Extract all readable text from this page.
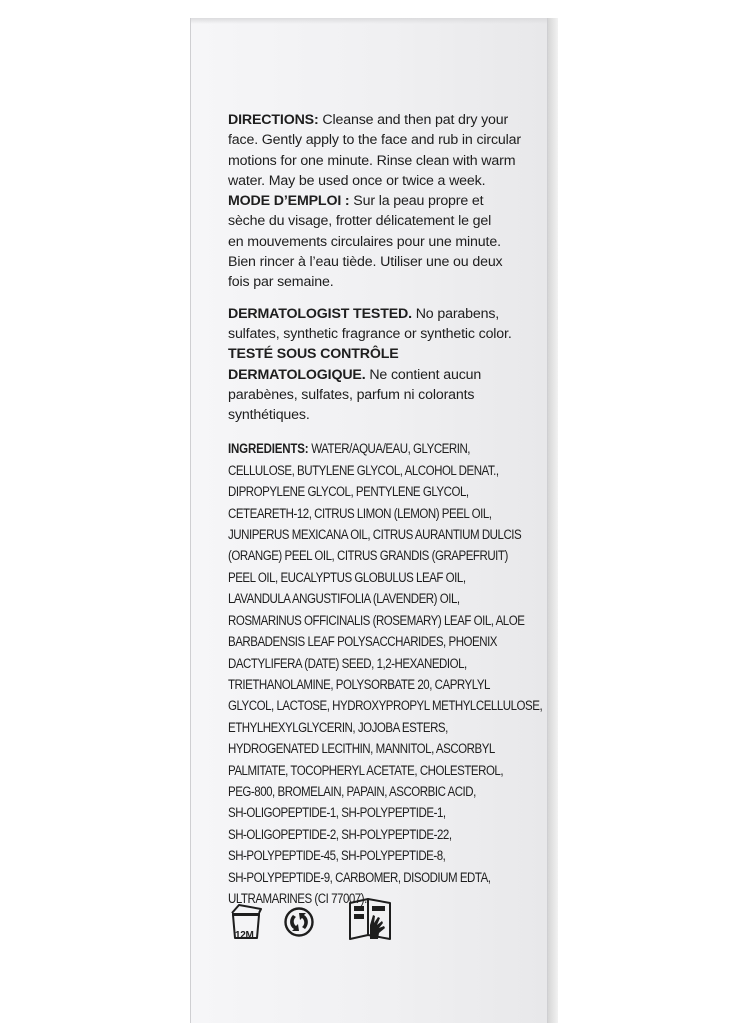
DIRECTIONS: Cleanse and then pat dry your
face. Gently apply to the face and rub in circular
motions for one minute. Rinse clean with warm
water. May be used once or twice a week.

MODE D’EMPLOI : Sur la peau propre et
sèche du visage, frotter délicatement le gel
en mouvements circulaires pour une minute.
Bien rincer à l’eau tiède. Utiliser une ou deux
fois par semaine.

DERMATOLOGIST TESTED. No parabens,
sulfates, synthetic fragrance or synthetic color.

TESTÉ SOUS CONTRÔLE
DERMATOLOGIQUE. Ne contient aucun
parabènes, sulfates, parfum ni colorants
synthétiques.

INGREDIENTS: WATER/AQUA/EAU, GLYCERIN,
CELLULOSE, BUTYLENE GLYCOL, ALCOHOL DENAT.,
DIPROPYLENE GLYCOL, PENTYLENE GLYCOL,
CETEARETH-12, CITRUS LIMON (LEMON) PEEL OIL,
JUNIPERUS MEXICANA OIL, CITRUS AURANTIUM DULCIS
(ORANGE) PEEL OIL, CITRUS GRANDIS (GRAPEFRUIT)
PEEL OIL, EUCALYPTUS GLOBULUS LEAF OIL,
LAVANDULA ANGUSTIFOLIA (LAVENDER) OIL,
ROSMARINUS OFFICINALIS (ROSEMARY) LEAF OIL, ALOE
BARBADENSIS LEAF POLYSACCHARIDES, PHOENIX
DACTYLIFERA (DATE) SEED, 1,2-HEXANEDIOL,
TRIETHANOLAMINE, POLYSORBATE 20, CAPRYLYL
GLYCOL, LACTOSE, HYDROXYPROPYL METHYLCELLULOSE,
ETHYLHEXYLGLYCERIN, JOJOBA ESTERS,
HYDROGENATED LECITHIN, MANNITOL, ASCORBYL
PALMITATE, TOCOPHERYL ACETATE, CHOLESTEROL,
PEG-800, BROMELAIN, PAPAIN, ASCORBIC ACID,
SH-OLIGOPEPTIDE-1, SH-POLYPEPTIDE-1,
SH-OLIGOPEPTIDE-2, SH-POLYPEPTIDE-22,
SH-POLYPEPTIDE-45, SH-POLYPEPTIDE-8,
SH-POLYPEPTIDE-9, CARBOMER, DISODIUM EDTA,
ULTRAMARINES (CI 77007).

12M
